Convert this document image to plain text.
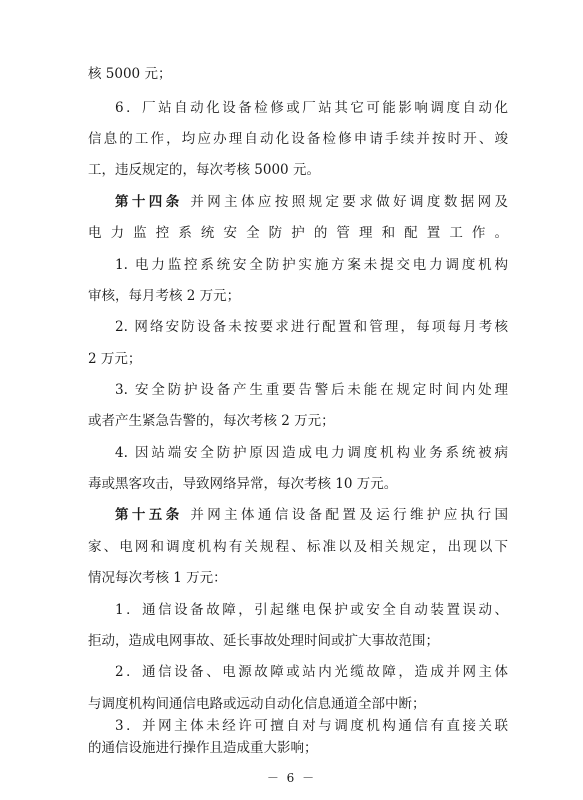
核 5000 元；
6．厂站自动化设备检修或厂站其它可能影响调度自动化
信息的工作，均应办理自动化设备检修申请手续并按时开、竣
工，违反规定的，每次考核 5000 元。
第十四条 并网主体应按照规定要求做好调度数据网及
电力监控系统安全防护的管理和配置工作。
1. 电力监控系统安全防护实施方案未提交电力调度机构
审核，每月考核 2 万元；
2. 网络安防设备未按要求进行配置和管理，每项每月考核
2 万元；
3. 安全防护设备产生重要告警后未能在规定时间内处理
或者产生紧急告警的，每次考核 2 万元；
4. 因站端安全防护原因造成电力调度机构业务系统被病
毒或黑客攻击，导致网络异常，每次考核 10 万元。
第十五条 并网主体通信设备配置及运行维护应执行国
家、电网和调度机构有关规程、标准以及相关规定，出现以下
情况每次考核 1 万元：
1．通信设备故障，引起继电保护或安全自动装置误动、
拒动，造成电网事故、延长事故处理时间或扩大事故范围；
2．通信设备、电源故障或站内光缆故障，造成并网主体
与调度机构间通信电路或远动自动化信息通道全部中断；
3．并网主体未经许可擅自对与调度机构通信有直接关联
的通信设施进行操作且造成重大影响；
－ 6 －
